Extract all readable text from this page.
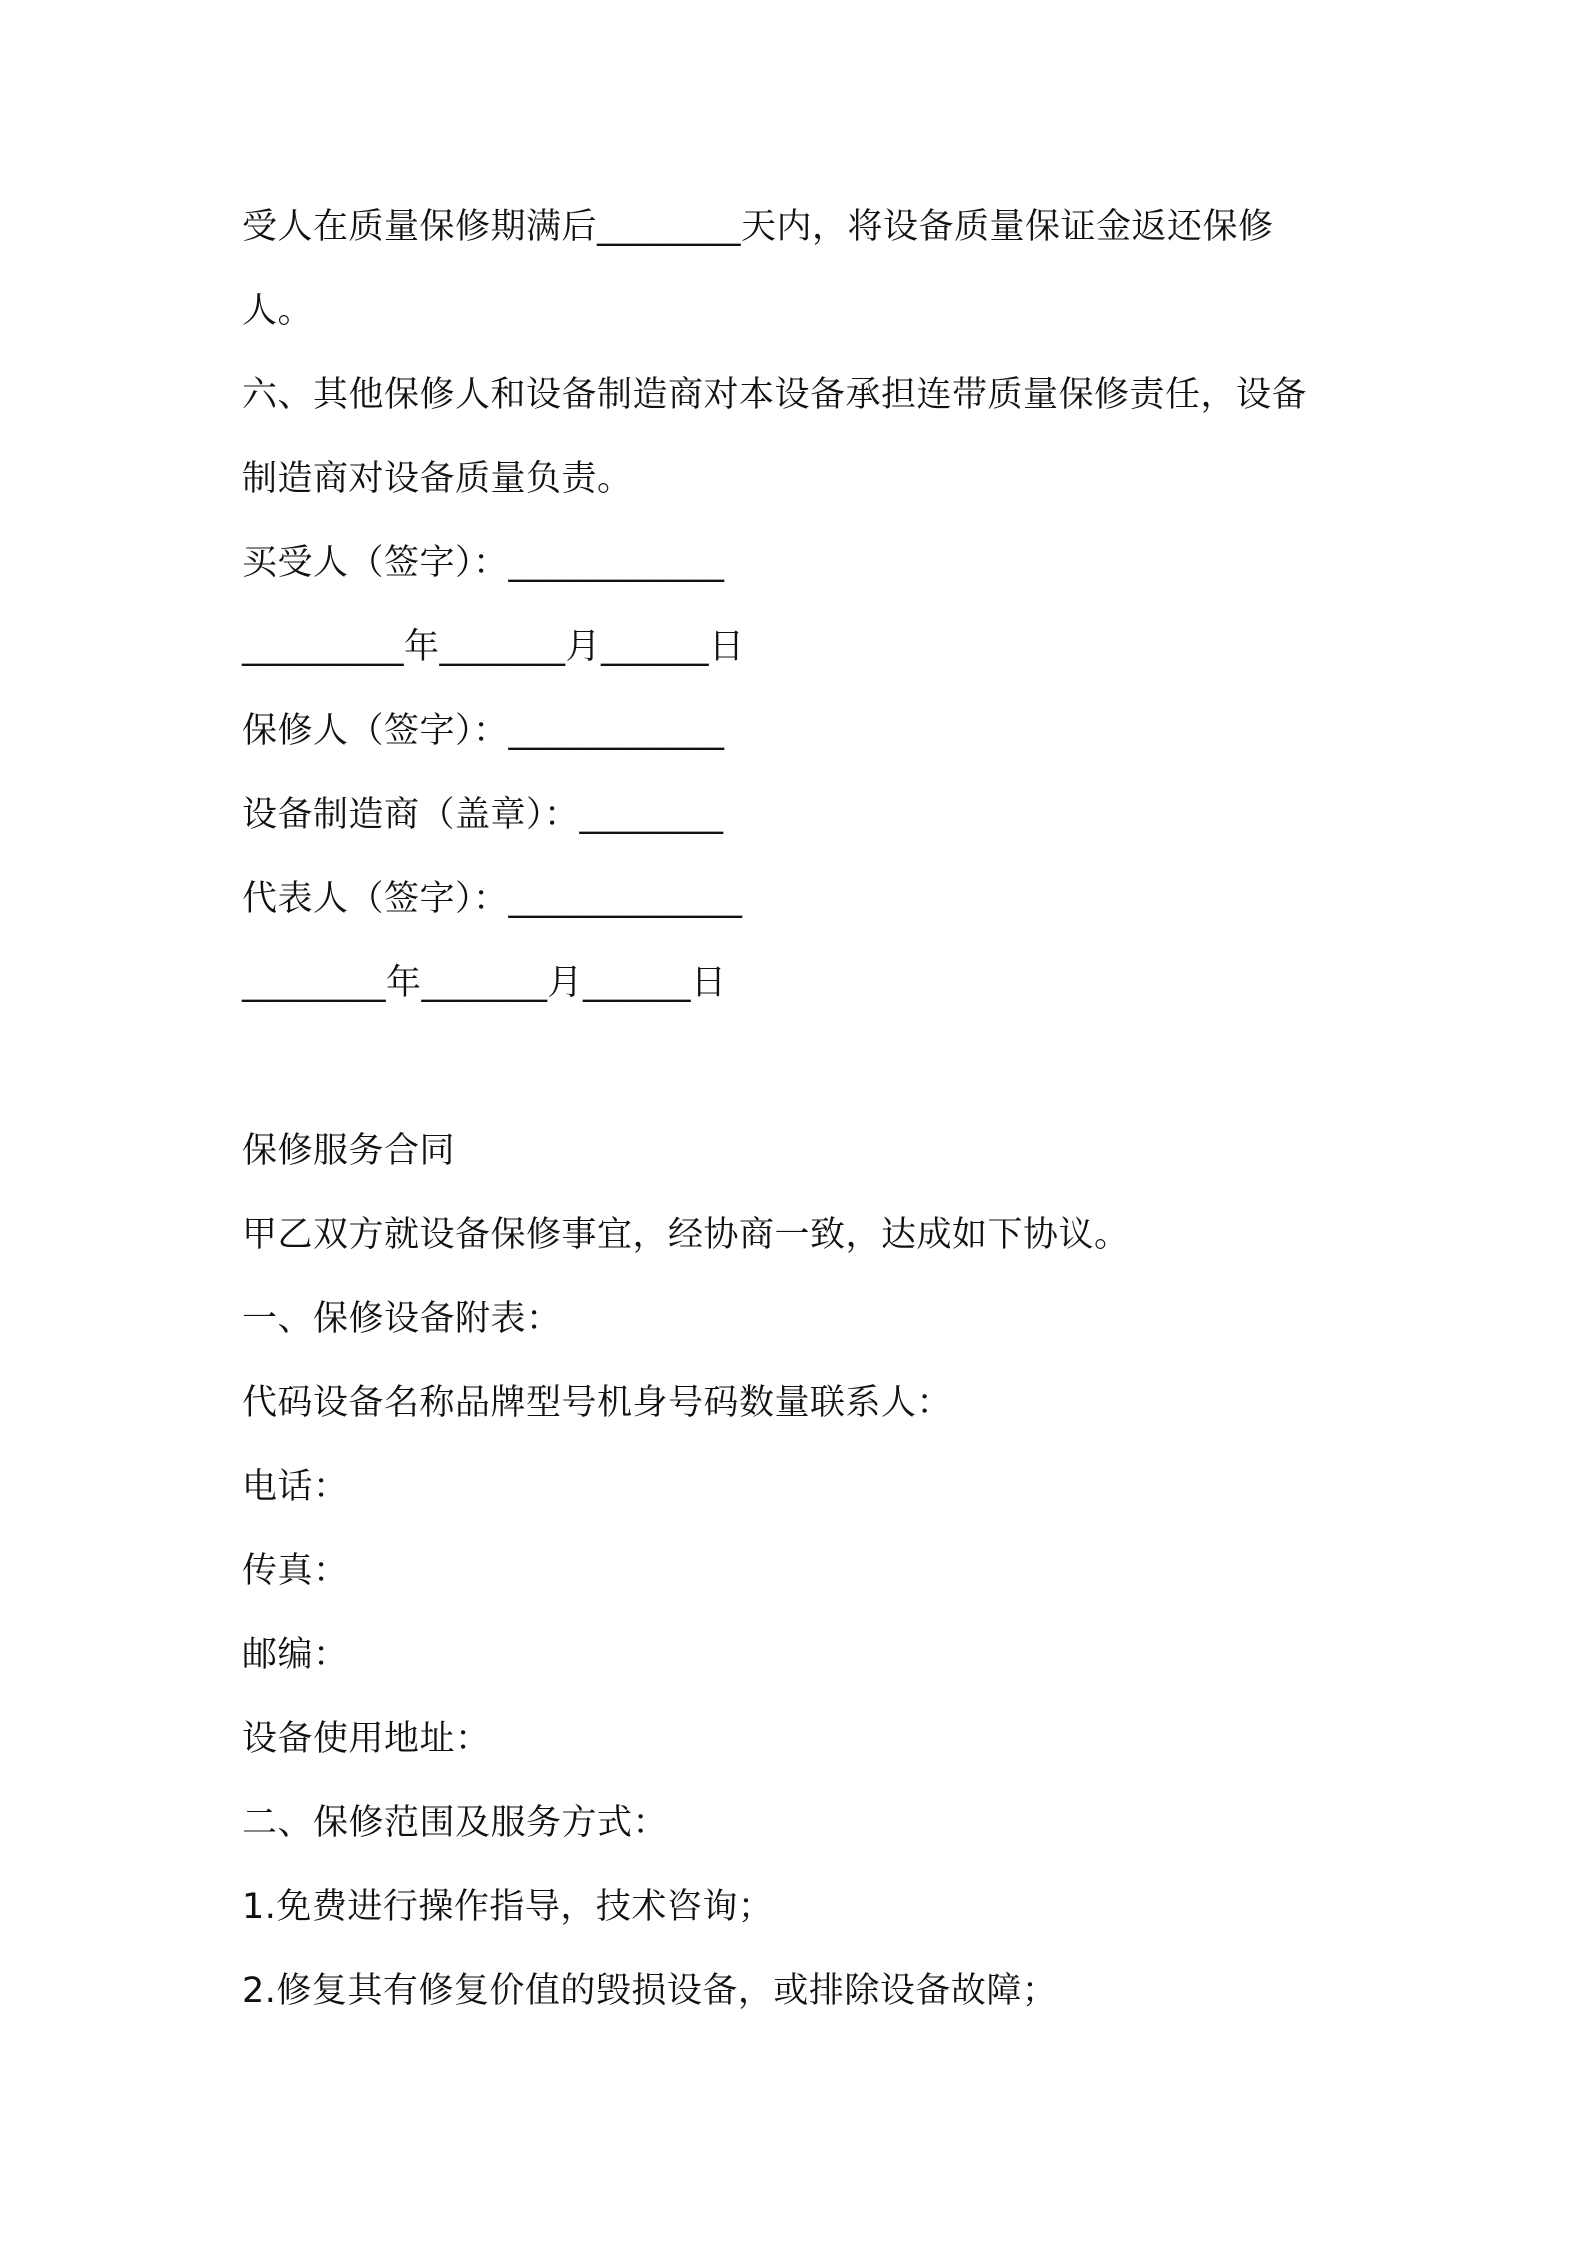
受人在质量保修期满后________天内，将设备质量保证金返还保修
人。
六、其他保修人和设备制造商对本设备承担连带质量保修责任，设备
制造商对设备质量负责。
买受人（签字）：____________
_________年_______月______日
保修人（签字）：____________
设备制造商（盖章）：________
代表人（签字）：_____________
________年_______月______日
保修服务合同
甲乙双方就设备保修事宜，经协商一致，达成如下协议。
一、保修设备附表：
代码设备名称品牌型号机身号码数量联系人：
电话：
传真：
邮编：
设备使用地址：
二、保修范围及服务方式：
1.免费进行操作指导，技术咨询；
2.修复其有修复价值的毁损设备，或排除设备故障；
